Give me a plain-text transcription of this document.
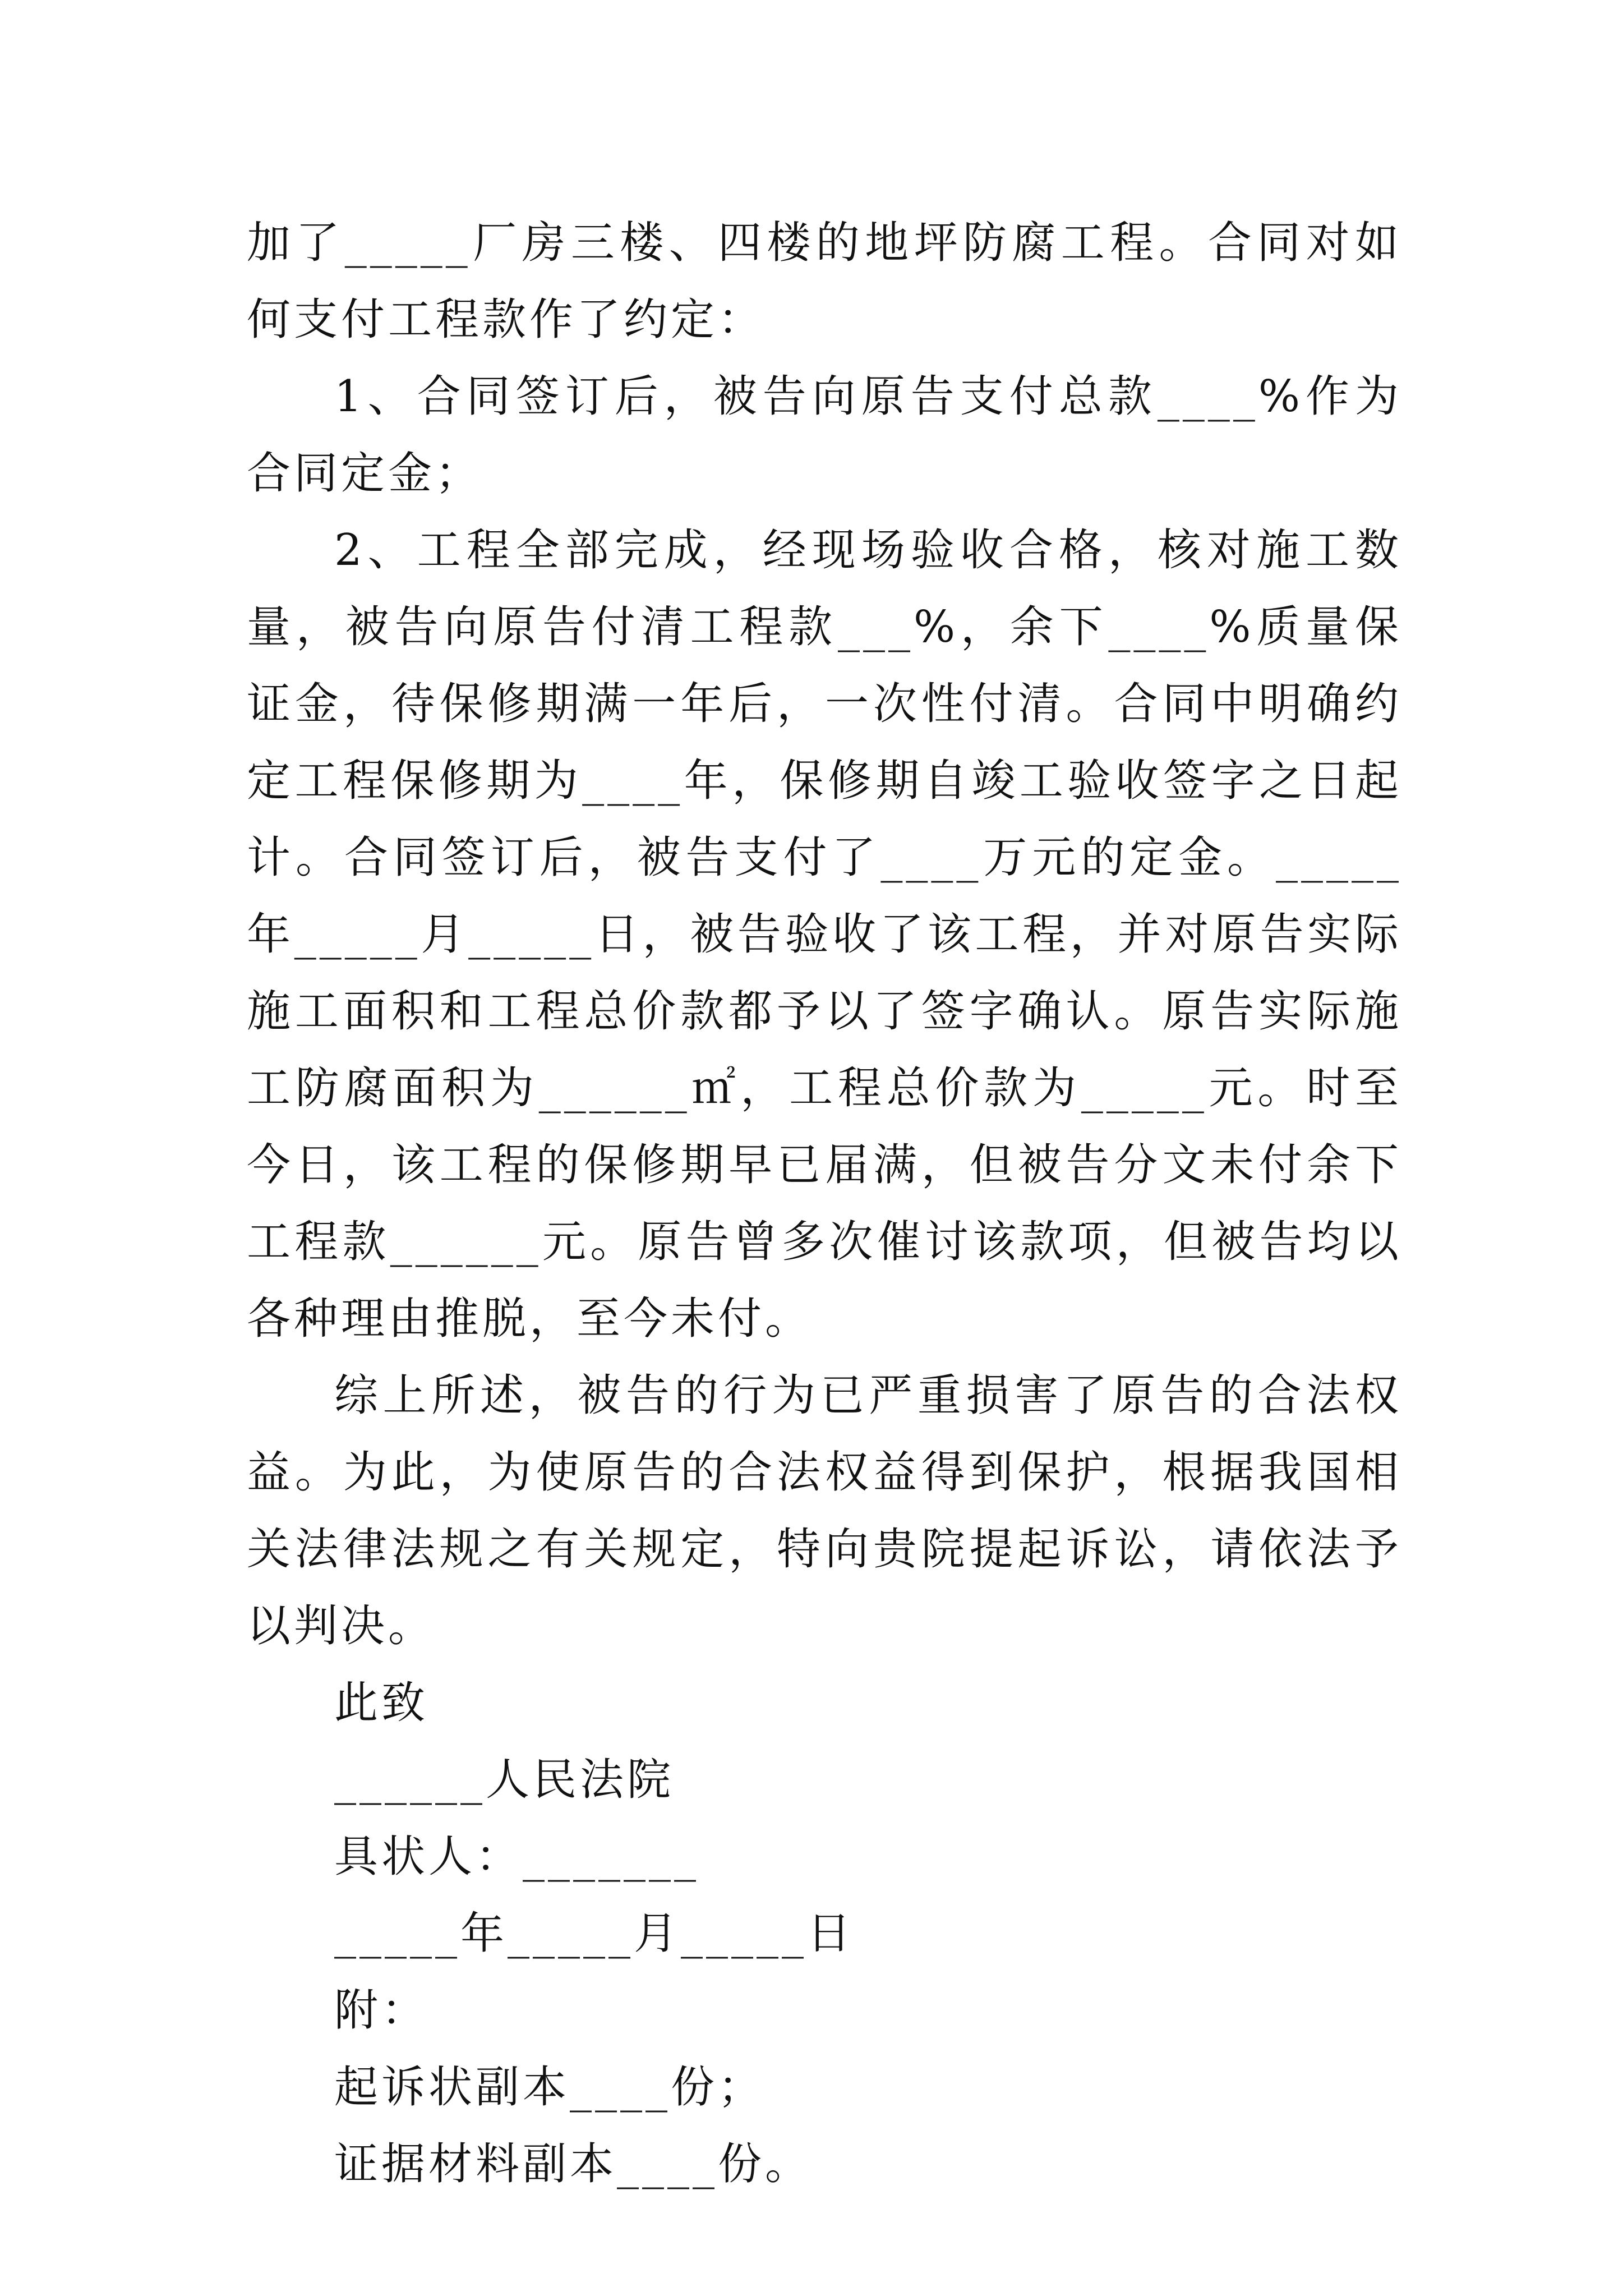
加了_____厂房三楼、四楼的地坪防腐工程。合同对如何支付工程款作了约定：

1、合同签订后，被告向原告支付总款____%作为合同定金；

2、工程全部完成，经现场验收合格，核对施工数量，被告向原告付清工程款___%，余下____%质量保证金，待保修期满一年后，一次性付清。合同中明确约定工程保修期为____年，保修期自竣工验收签字之日起计。合同签订后，被告支付了____万元的定金。_____年_____月_____日，被告验收了该工程，并对原告实际施工面积和工程总价款都予以了签字确认。原告实际施工防腐面积为______㎡，工程总价款为_____元。时至今日，该工程的保修期早已届满，但被告分文未付余下工程款______元。原告曾多次催讨该款项，但被告均以各种理由推脱，至今未付。

综上所述，被告的行为已严重损害了原告的合法权益。为此，为使原告的合法权益得到保护，根据我国相关法律法规之有关规定，特向贵院提起诉讼，请依法予以判决。

此致

______人民法院

具状人：_______

_____年_____月_____日

附：

起诉状副本____份；

证据材料副本____份。
